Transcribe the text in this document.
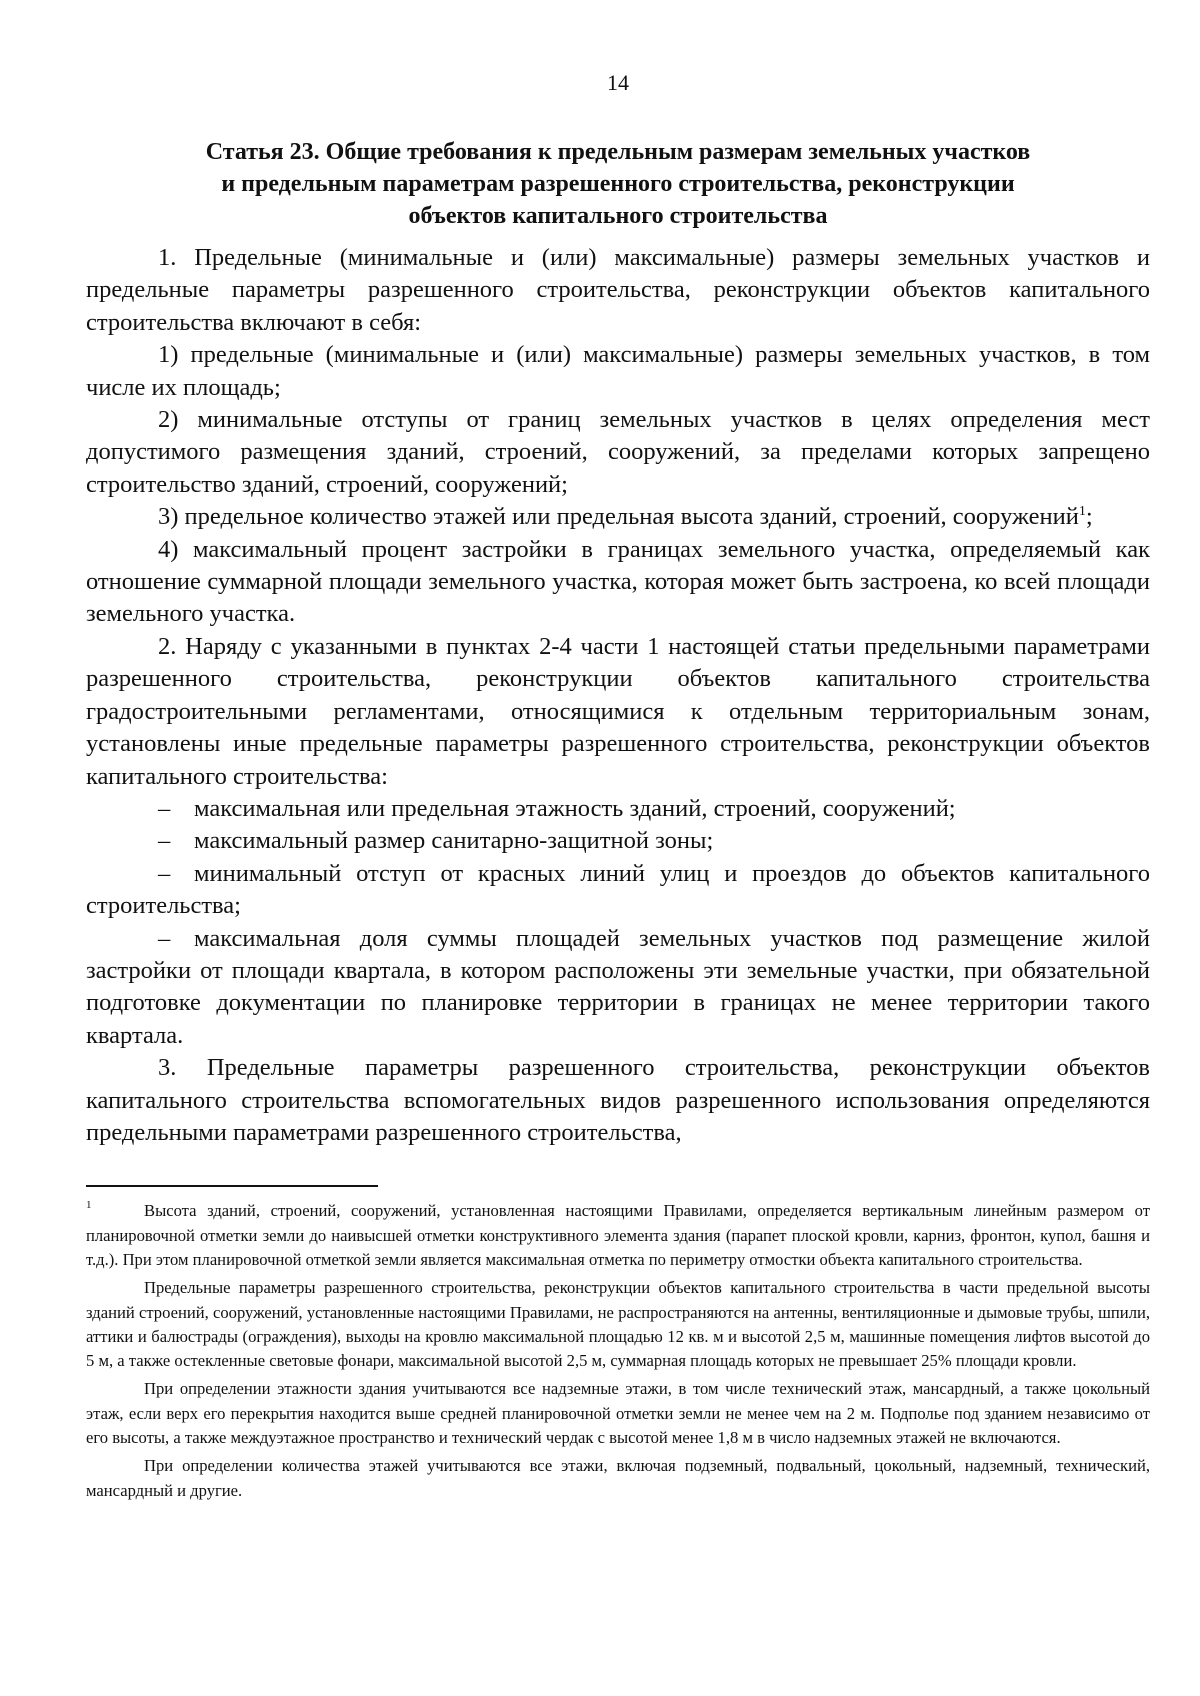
14
Статья 23. Общие требования к предельным размерам земельных участков
и предельным параметрам разрешенного строительства, реконструкции
объектов капитального строительства

1. Предельные (минимальные и (или) максимальные) размеры земельных участков и предельные параметры разрешенного строительства, реконструкции объектов капитального строительства включают в себя:

1) предельные (минимальные и (или) максимальные) размеры земельных участков, в том числе их площадь;

2) минимальные отступы от границ земельных участков в целях определения мест допустимого размещения зданий, строений, сооружений, за пределами которых запрещено строительство зданий, строений, сооружений;

3) предельное количество этажей или предельная высота зданий, строений, сооружений$^1$;

4) максимальный процент застройки в границах земельного участка, определяемый как отношение суммарной площади земельного участка, которая может быть застроена, ко всей площади земельного участка.

2. Наряду с указанными в пунктах 2-4 части 1 настоящей статьи предельными параметрами разрешенного строительства, реконструкции объектов капитального строительства градостроительными регламентами, относящимися к отдельным территориальным зонам, установлены иные предельные параметры разрешенного строительства, реконструкции объектов капитального строительства:

– максимальная или предельная этажность зданий, строений, сооружений;

– максимальный размер санитарно-защитной зоны;

– минимальный отступ от красных линий улиц и проездов до объектов капитального строительства;

– максимальная доля суммы площадей земельных участков под размещение жилой застройки от площади квартала, в котором расположены эти земельные участки, при обязательной подготовке документации по планировке территории в границах не менее территории такого квартала.

3. Предельные параметры разрешенного строительства, реконструкции объектов капитального строительства вспомогательных видов разрешенного использования определяются предельными параметрами разрешенного строительства,

1	Высота зданий, строений, сооружений, установленная настоящими Правилами, определяется вертикальным линейным размером от планировочной отметки земли до наивысшей отметки конструктивного элемента здания (парапет плоской кровли, карниз, фронтон, купол, башня и т.д.). При этом планировочной отметкой земли является максимальная отметка по периметру отмостки объекта капитального строительства.

Предельные параметры разрешенного строительства, реконструкции объектов капитального строительства в части предельной высоты зданий строений, сооружений, установленные настоящими Правилами, не распространяются на антенны, вентиляционные и дымовые трубы, шпили, аттики и балюстрады (ограждения), выходы на кровлю максимальной площадью 12 кв. м и высотой 2,5 м, машинные помещения лифтов высотой до 5 м, а также остекленные световые фонари, максимальной высотой 2,5 м, суммарная площадь которых не превышает 25% площади кровли.

При определении этажности здания учитываются все надземные этажи, в том числе технический этаж, мансардный, а также цокольный этаж, если верх его перекрытия находится выше средней планировочной отметки земли не менее чем на 2 м. Подполье под зданием независимо от его высоты, а также междуэтажное пространство и технический чердак с высотой менее 1,8 м в число надземных этажей не включаются.

При определении количества этажей учитываются все этажи, включая подземный, подвальный, цокольный, надземный, технический, мансардный и другие.
